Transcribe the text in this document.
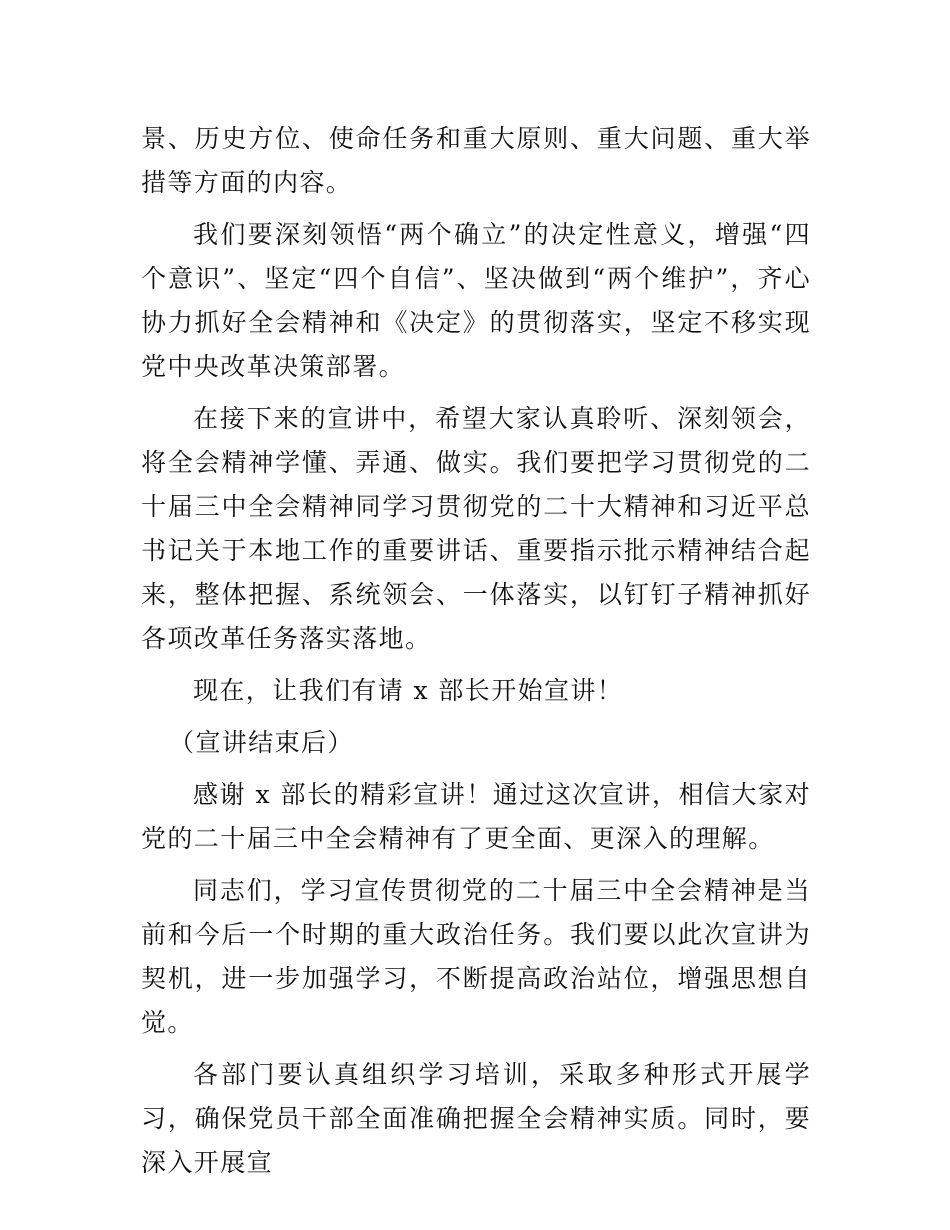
景、历史方位、使命任务和重大原则、重大问题、重大举措等方面的内容。

我们要深刻领悟“两个确立”的决定性意义，增强“四个意识”、坚定“四个自信”、坚决做到“两个维护”，齐心协力抓好全会精神和《决定》的贯彻落实，坚定不移实现党中央改革决策部署。

在接下来的宣讲中，希望大家认真聆听、深刻领会，将全会精神学懂、弄通、做实。我们要把学习贯彻党的二十届三中全会精神同学习贯彻党的二十大精神和习近平总书记关于本地工作的重要讲话、重要指示批示精神结合起来，整体把握、系统领会、一体落实，以钉钉子精神抓好各项改革任务落实落地。

现在，让我们有请 x 部长开始宣讲！

（宣讲结束后）

感谢 x 部长的精彩宣讲！通过这次宣讲，相信大家对党的二十届三中全会精神有了更全面、更深入的理解。

同志们，学习宣传贯彻党的二十届三中全会精神是当前和今后一个时期的重大政治任务。我们要以此次宣讲为契机，进一步加强学习，不断提高政治站位，增强思想自觉。

各部门要认真组织学习培训，采取多种形式开展学习，确保党员干部全面准确把握全会精神实质。同时，要深入开展宣
